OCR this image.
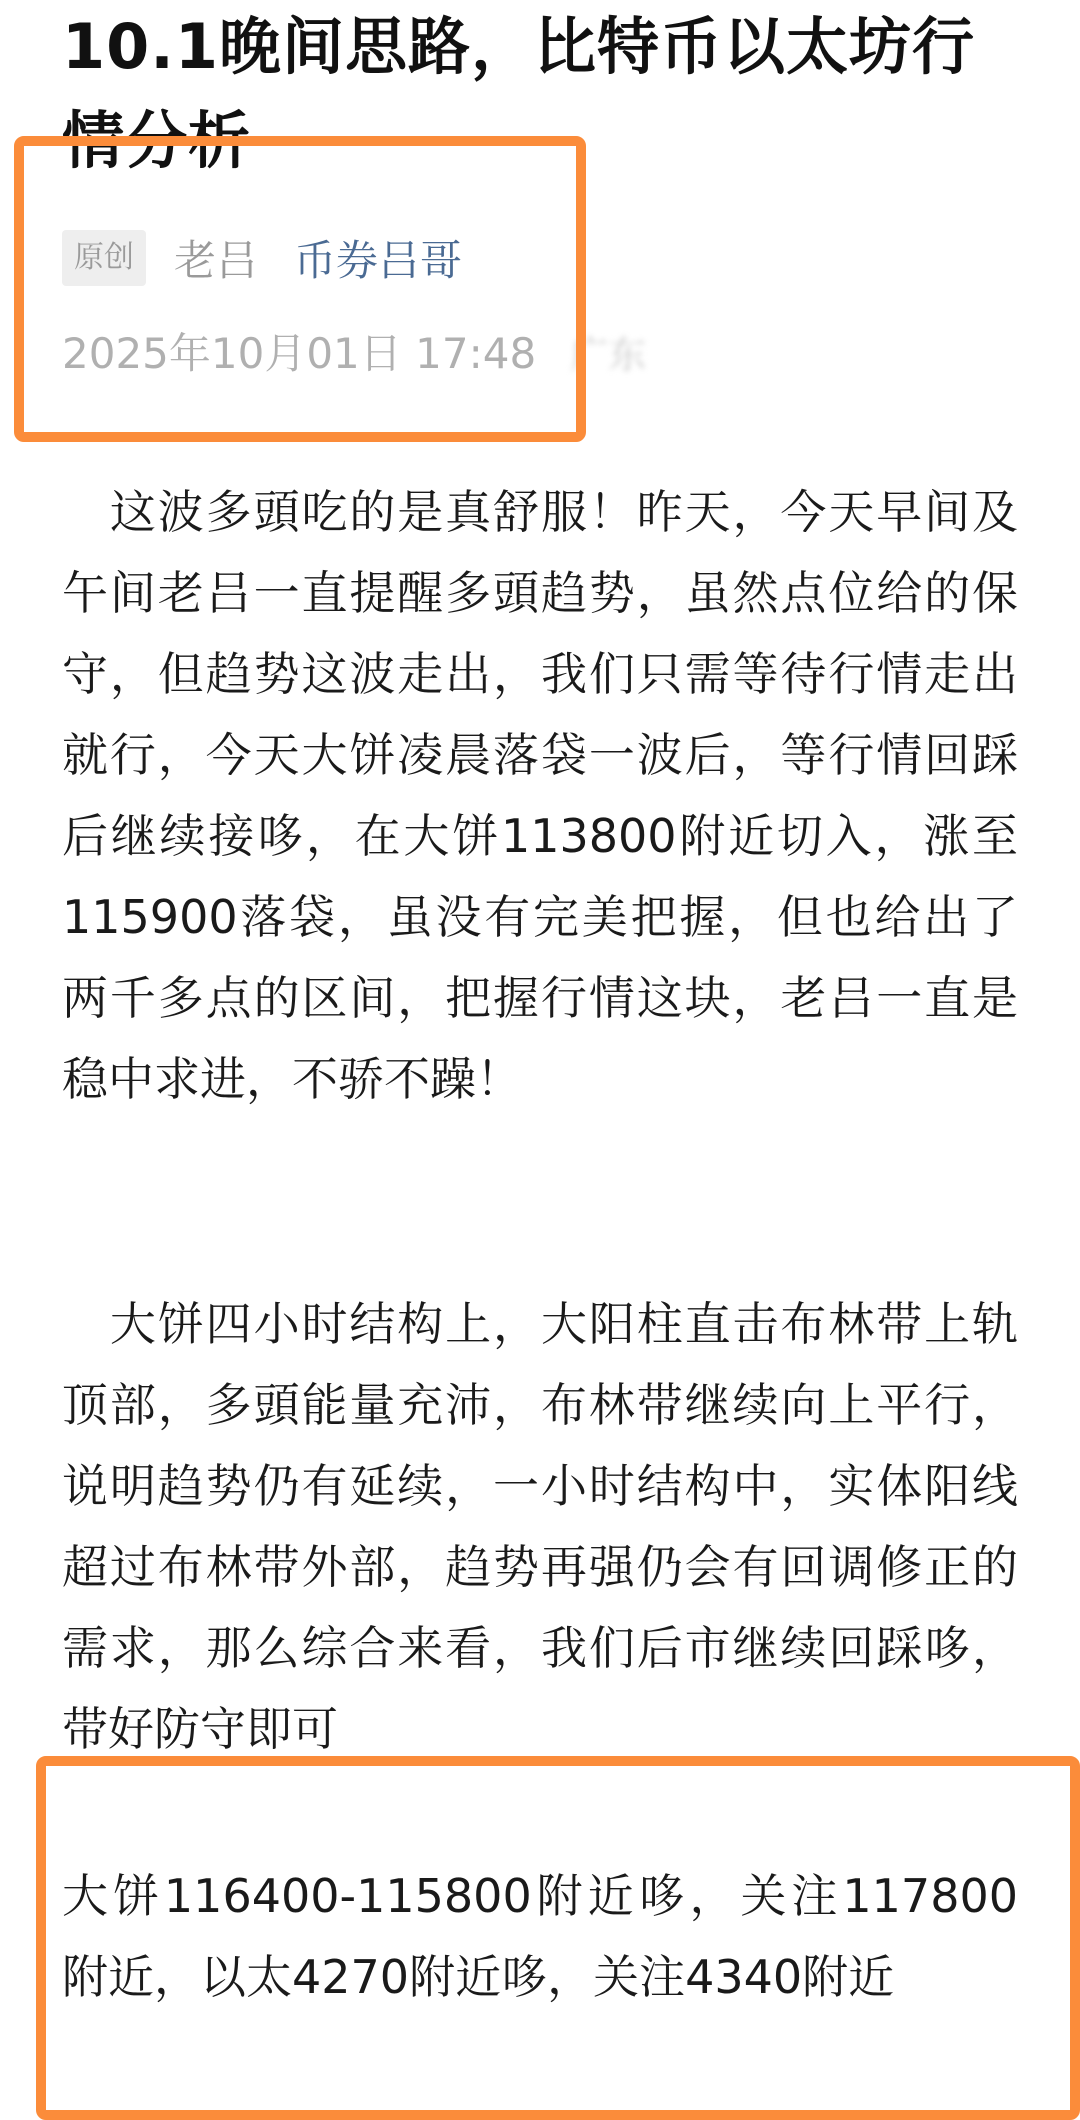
10.1晚间思路，比特币以太坊行情分析
原创 老吕 币券吕哥
2025年10月01日 17:48 广东

　这波多頭吃的是真舒服！昨天，今天早间及午间老吕一直提醒多頭趋势，虽然点位给的保守，但趋势这波走出，我们只需等待行情走出就行，今天大饼凌晨落袋一波后，等行情回踩后继续接哆，在大饼113800附近切入，涨至115900落袋，虽没有完美把握，但也给出了两千多点的区间，把握行情这块，老吕一直是稳中求进，不骄不躁！

　大饼四小时结构上，大阳柱直击布林带上轨顶部，多頭能量充沛，布林带继续向上平行，说明趋势仍有延续，一小时结构中，实体阳线超过布林带外部，趋势再强仍会有回调修正的需求，那么综合来看，我们后市继续回踩哆，带好防守即可

大饼116400-115800附近哆，关注117800附近，以太4270附近哆，关注4340附近
